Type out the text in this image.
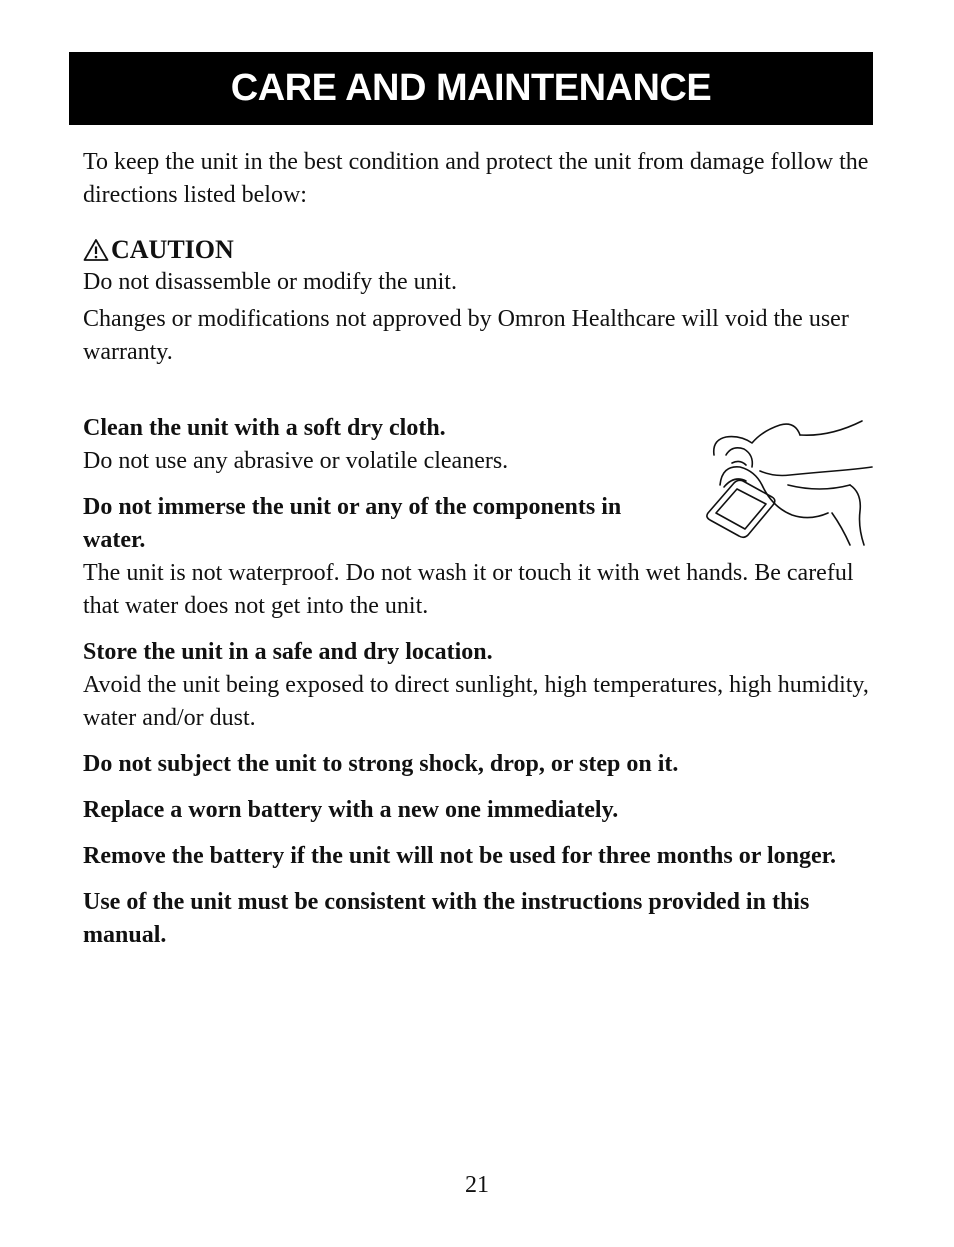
CARE AND MAINTENANCE

To keep the unit in the best condition and protect the unit from damage follow the directions listed below:

CAUTION

Do not disassemble or modify the unit.

Changes or modifications not approved by Omron Healthcare will void the user warranty.

Clean the unit with a soft dry cloth.

Do not use any abrasive or volatile cleaners.

Do not immerse the unit or any of the components in water.

The unit is not waterproof. Do not wash it or touch it with wet hands. Be careful that water does not get into the unit.

Store the unit in a safe and dry location.

Avoid the unit being exposed to direct sunlight, high temperatures, high humidity, water and/or dust.

Do not subject the unit to strong shock, drop, or step on it.

Replace a worn battery with a new one immediately.

Remove the battery if the unit will not be used for three months or longer.

Use of the unit must be consistent with the instructions provided in this manual.

21
